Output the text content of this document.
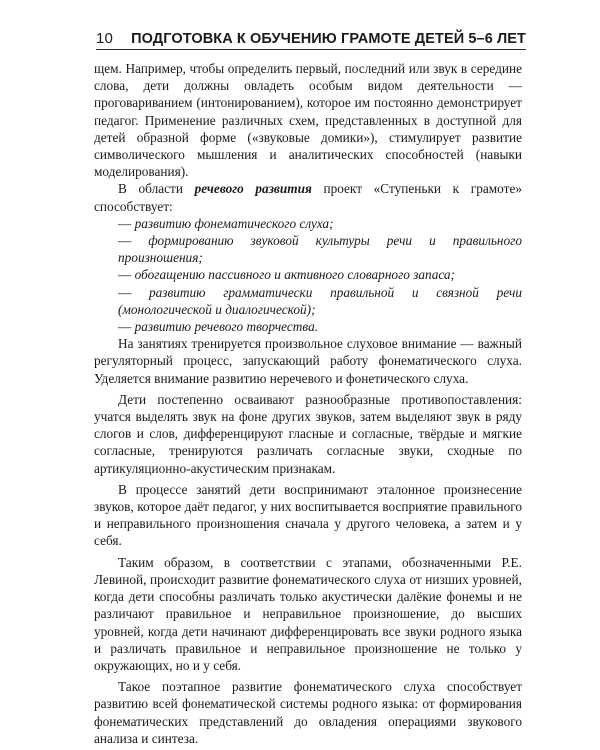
10 ПОДГОТОВКА К ОБУЧЕНИЮ ГРАМОТЕ ДЕТЕЙ 5–6 ЛЕТ

щем. Например, чтобы определить первый, последний или звук в середине слова, дети должны овладеть особым видом деятельности — проговариванием (интонированием), которое им постоянно демонстрирует педагог. Применение различных схем, представленных в доступной для детей образной форме («звуковые домики»), стимулирует развитие символического мышления и аналитических способностей (навыки моделирования).

В области речевого развития проект «Ступеньки к грамоте» способствует:

— развитию фонематического слуха;

— формированию звуковой культуры речи и правильного произношения;

— обогащению пассивного и активного словарного запаса;

— развитию грамматически правильной и связной речи (монологической и диалогической);

— развитию речевого творчества.

На занятиях тренируется произвольное слуховое внимание — важный регуляторный процесс, запускающий работу фонематического слуха. Уделяется внимание развитию неречевого и фонетического слуха.

Дети постепенно осваивают разнообразные противопоставления: учатся выделять звук на фоне других звуков, затем выделяют звук в ряду слогов и слов, дифференцируют гласные и согласные, твёрдые и мягкие согласные, тренируются различать согласные звуки, сходные по артикуляционно-акустическим признакам.

В процессе занятий дети воспринимают эталонное произнесение звуков, которое даёт педагог, у них воспитывается восприятие правильного и неправильного произношения сначала у другого человека, а затем и у себя.

Таким образом, в соответствии с этапами, обозначенными Р.Е. Левиной, происходит развитие фонематического слуха от низших уровней, когда дети способны различать только акустически далёкие фонемы и не различают правильное и неправильное произношение, до высших уровней, когда дети начинают дифференцировать все звуки родного языка и различать правильное и неправильное произношение не только у окружающих, но и у себя.

Такое поэтапное развитие фонематического слуха способствует развитию всей фонематической системы родного языка: от формирования фонематических представлений до овладения операциями звукового анализа и синтеза.
